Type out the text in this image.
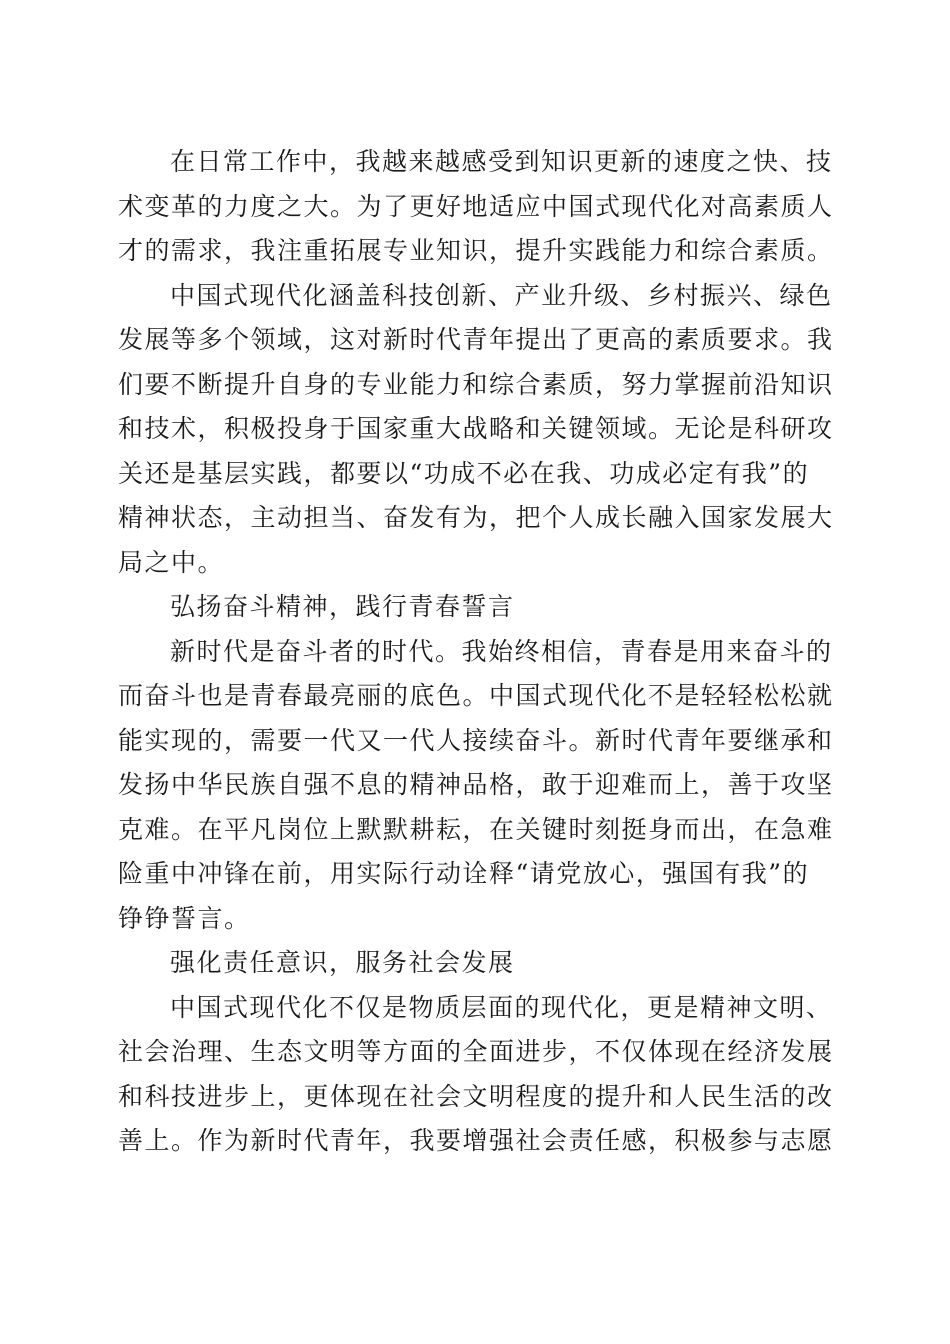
在日常工作中，我越来越感受到知识更新的速度之快、技
术变革的力度之大。为了更好地适应中国式现代化对高素质人
才的需求，我注重拓展专业知识，提升实践能力和综合素质。
中国式现代化涵盖科技创新、产业升级、乡村振兴、绿色
发展等多个领域，这对新时代青年提出了更高的素质要求。我
们要不断提升自身的专业能力和综合素质，努力掌握前沿知识
和技术，积极投身于国家重大战略和关键领域。无论是科研攻
关还是基层实践，都要以“功成不必在我、功成必定有我”的
精神状态，主动担当、奋发有为，把个人成长融入国家发展大
局之中。
弘扬奋斗精神，践行青春誓言
新时代是奋斗者的时代。我始终相信，青春是用来奋斗的
而奋斗也是青春最亮丽的底色。中国式现代化不是轻轻松松就
能实现的，需要一代又一代人接续奋斗。新时代青年要继承和
发扬中华民族自强不息的精神品格，敢于迎难而上，善于攻坚
克难。在平凡岗位上默默耕耘，在关键时刻挺身而出，在急难
险重中冲锋在前，用实际行动诠释“请党放心，强国有我”的
铮铮誓言。
强化责任意识，服务社会发展
中国式现代化不仅是物质层面的现代化，更是精神文明、
社会治理、生态文明等方面的全面进步，不仅体现在经济发展
和科技进步上，更体现在社会文明程度的提升和人民生活的改
善上。作为新时代青年，我要增强社会责任感，积极参与志愿
